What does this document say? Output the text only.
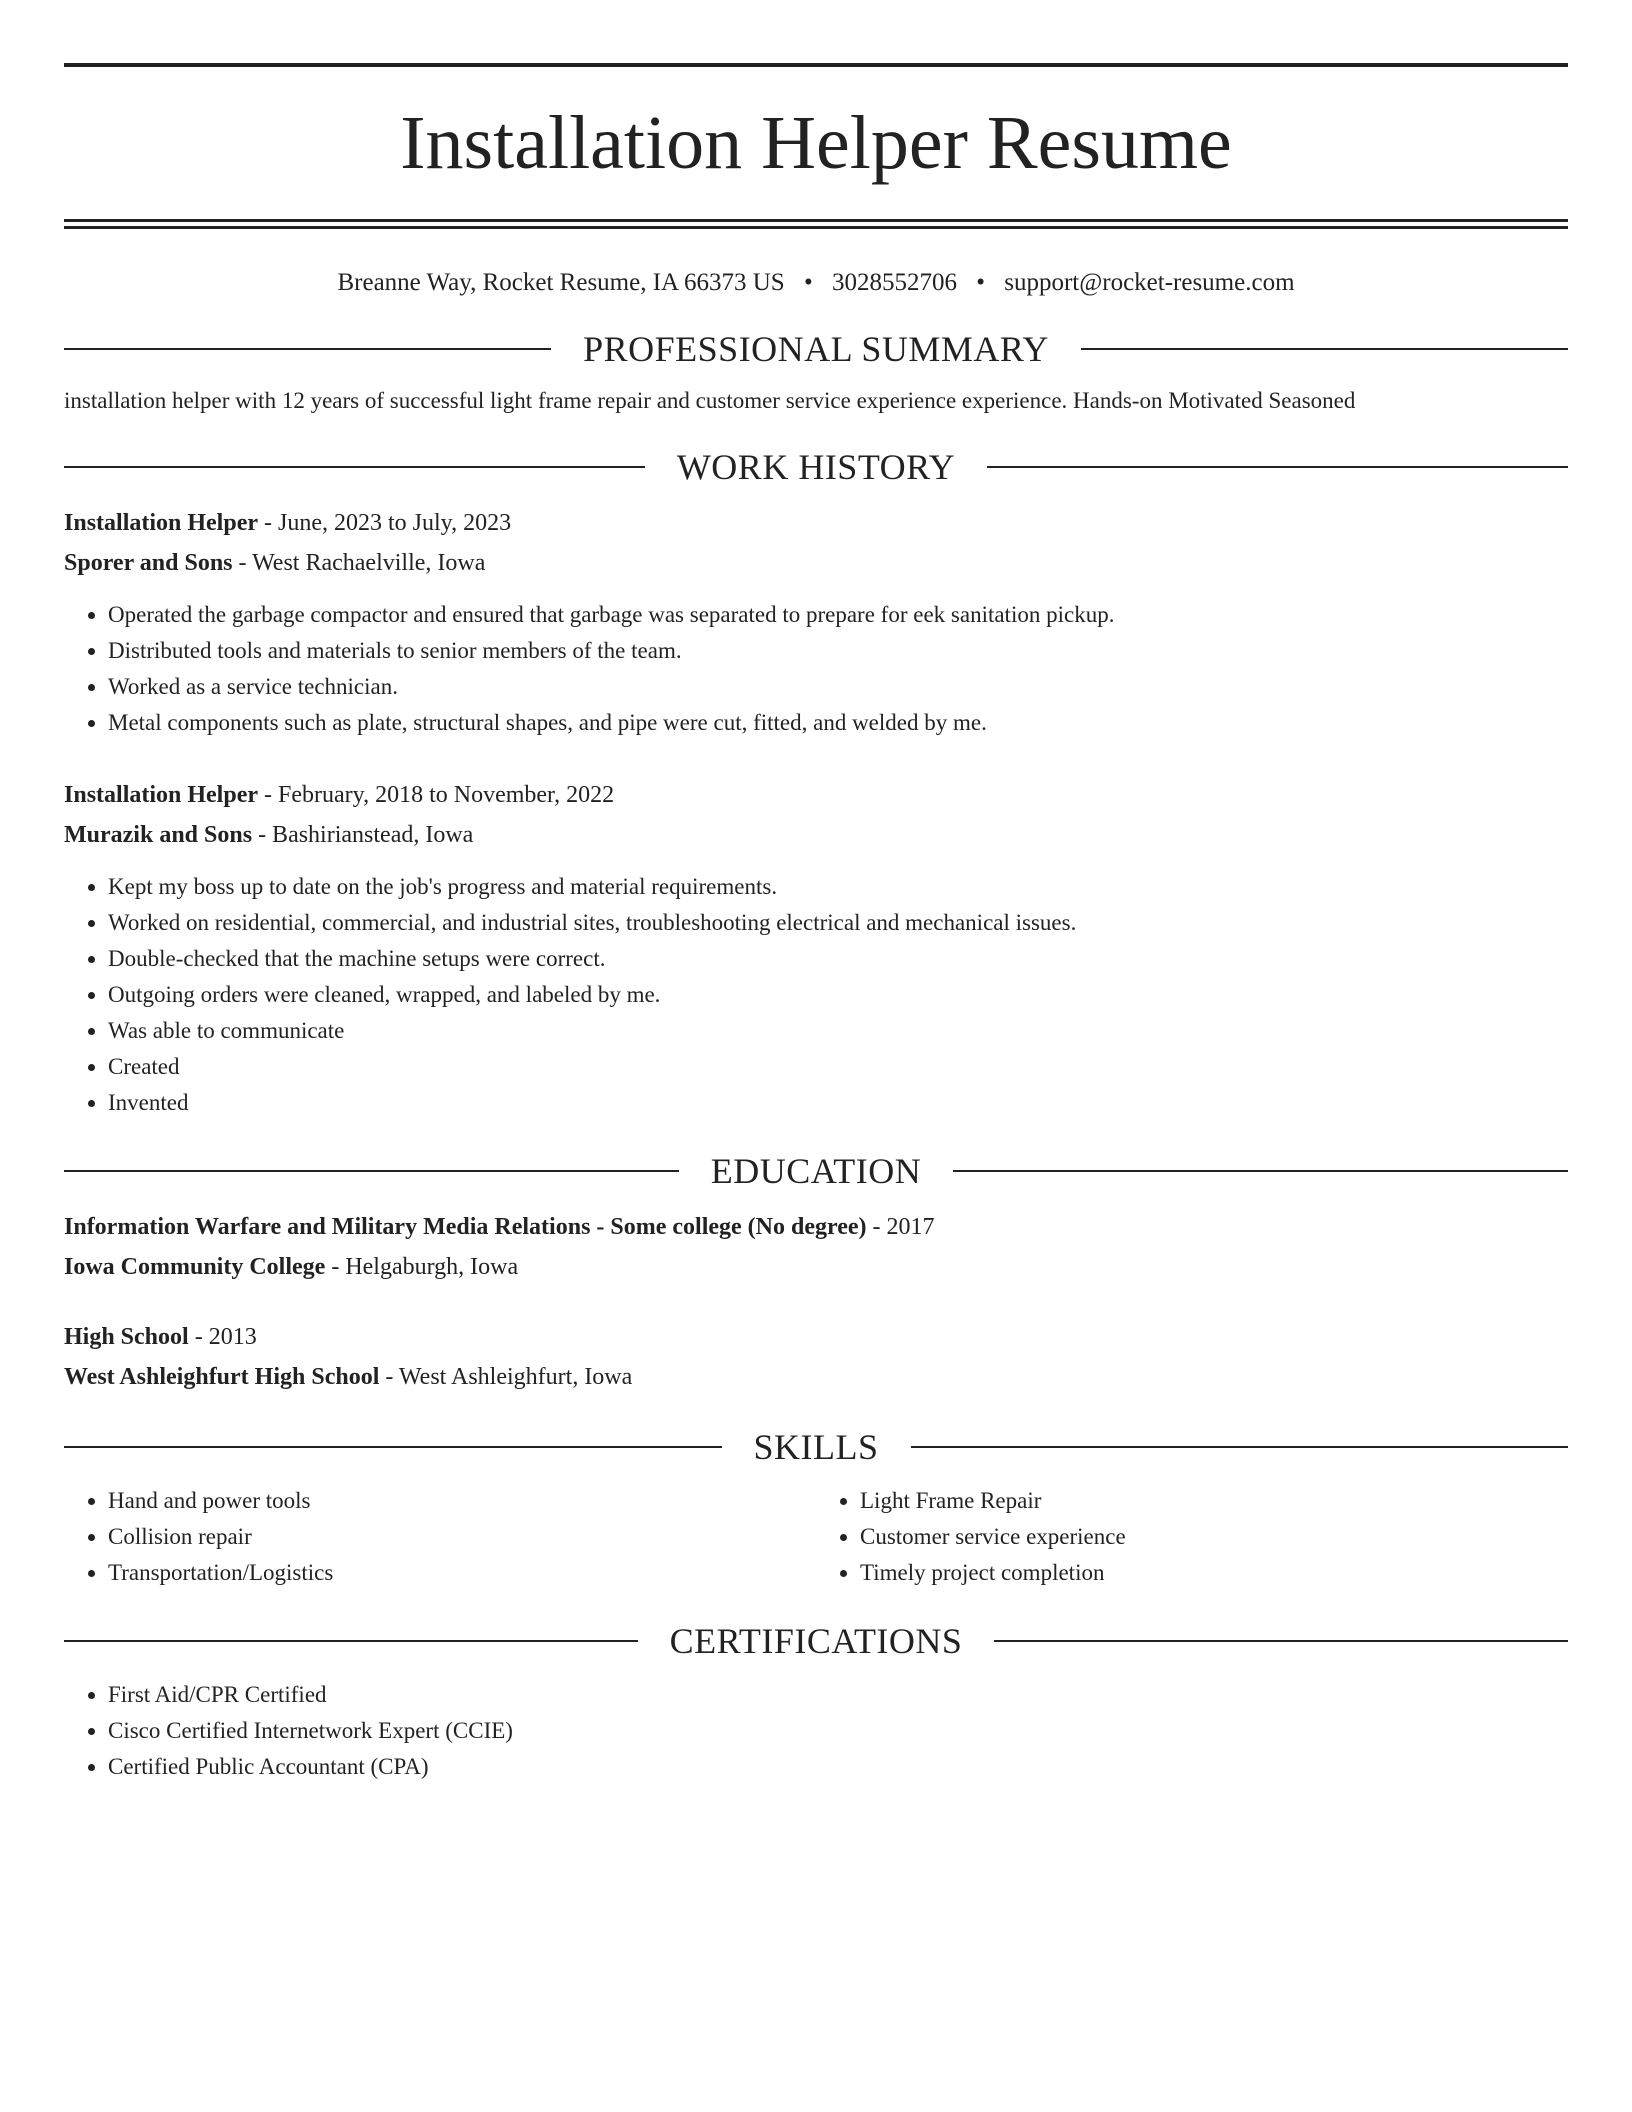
Installation Helper Resume
Breanne Way, Rocket Resume, IA 66373 US • 3028552706 • support@rocket-resume.com
PROFESSIONAL SUMMARY
installation helper with 12 years of successful light frame repair and customer service experience experience. Hands-on Motivated Seasoned
WORK HISTORY
Installation Helper - June, 2023 to July, 2023
Sporer and Sons - West Rachaelville, Iowa
• Operated the garbage compactor and ensured that garbage was separated to prepare for eek sanitation pickup.
• Distributed tools and materials to senior members of the team.
• Worked as a service technician.
• Metal components such as plate, structural shapes, and pipe were cut, fitted, and welded by me.
Installation Helper - February, 2018 to November, 2022
Murazik and Sons - Bashirianstead, Iowa
• Kept my boss up to date on the job's progress and material requirements.
• Worked on residential, commercial, and industrial sites, troubleshooting electrical and mechanical issues.
• Double-checked that the machine setups were correct.
• Outgoing orders were cleaned, wrapped, and labeled by me.
• Was able to communicate
• Created
• Invented
EDUCATION
Information Warfare and Military Media Relations - Some college (No degree) - 2017
Iowa Community College - Helgaburgh, Iowa
High School - 2013
West Ashleighfurt High School - West Ashleighfurt, Iowa
SKILLS
• Hand and power tools
• Collision repair
• Transportation/Logistics
• Light Frame Repair
• Customer service experience
• Timely project completion
CERTIFICATIONS
• First Aid/CPR Certified
• Cisco Certified Internetwork Expert (CCIE)
• Certified Public Accountant (CPA)
